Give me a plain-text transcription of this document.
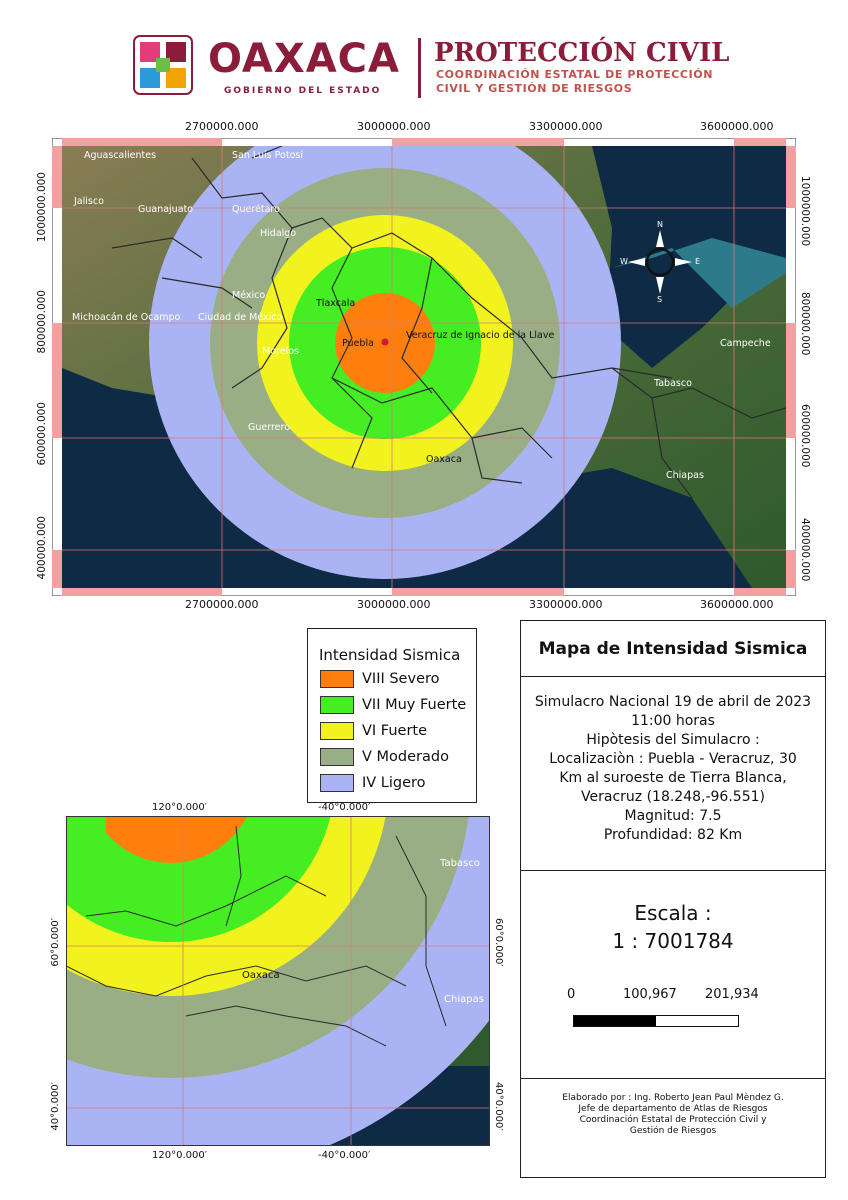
OAXACA
GOBIERNO DEL ESTADO
PROTECCIÓN CIVIL
COORDINACIÓN ESTATAL DE PROTECCIÓN
CIVIL Y GESTIÓN DE RIESGOS
N
S
W	E
Aguascalientes	San Luis Potosí
Jalisco
Guanajuato	Querétaro
Hidalgo
México
Michoacán de Ocampo Ciudad de México
Tlaxcala
Veracruz de Ignacio de la Llave
Morelos
Puebla	Campeche
Tabasco
Guerrero
Oaxaca
Chiapas
2700000.000	3000000.000	3300000.000	3600000.000
2700000.000	3000000.000	3300000.000	3600000.000
1000000.000
800000.000
600000.000
400000.000
1000000.000
800000.000
600000.000
400000.000
Intensidad Sismica
VIII Severo
VII Muy Fuerte
VI Fuerte
V Moderado
IV Ligero
Tabasco
Oaxaca
Chiapas
120°0.000′	-40°0.000′
120°0.000′	-40°0.000′
60°0.000′
40°0.000′
60°0.000′
40°0.000′
Mapa de Intensidad Sismica
Simulacro Nacional 19 de abril de 2023
11:00 horas
Hipòtesis del Simulacro :
Localizaciòn : Puebla - Veracruz, 30
Km al suroeste de Tierra Blanca,
Veracruz (18.248,-96.551)
Magnitud: 7.5
Profundidad: 82 Km
Escala :
1 : 7001784
0	100,967 201,934
Elaborado por : Ing. Roberto Jean Paul Mèndez G.
Jefe de departamento de Atlas de Riesgos
Coordinación Estatal de Protección Civil y
Gestión de Riesgos
